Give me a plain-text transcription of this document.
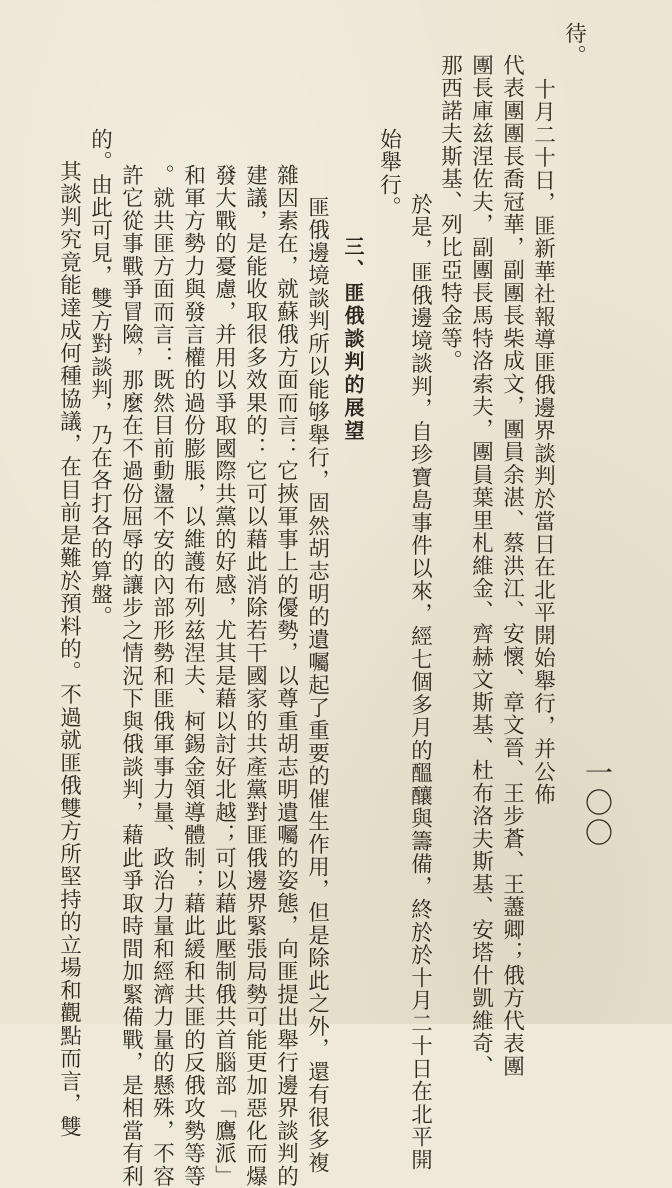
待。
十月二十日，匪新華社報導匪俄邊界談判於當日在北平開始舉行，并公佈
代表團團長喬冠華，副團長柴成文，團員余湛、蔡洪江、安懷、章文晉、王步蒼、王藎卿；俄方代表團
團長庫兹涅佐夫，副團長馬特洛索夫，團員葉里札維金、齊赫文斯基、杜布洛夫斯基、安塔什凱維奇、
那西諾夫斯基、列比亞特金等。
於是，匪俄邊境談判，自珍寶島事件以來，經七個多月的醞釀與籌備，終於於十月二十日在北平開
始舉行。
三、匪俄談判的展望
匪俄邊境談判所以能够舉行，固然胡志明的遺囑起了重要的催生作用，但是除此之外，還有很多複
雜因素在，就蘇俄方面而言：它挾軍事上的優勢，以尊重胡志明遺囑的姿態，向匪提出舉行邊界談判的
建議，是能收取很多效果的：它可以藉此消除若干國家的共產黨對匪俄邊界緊張局勢可能更加惡化而爆
發大戰的憂慮，并用以爭取國際共黨的好感，尤其是藉以討好北越；可以藉此壓制俄共首腦部「鷹派」
和軍方勢力與發言權的過份膨脹，以維護布列兹涅夫、柯錫金領導體制；藉此緩和共匪的反俄攻勢等等
。就共匪方面而言：既然目前動盪不安的內部形勢和匪俄軍事力量、政治力量和經濟力量的懸殊，不容
許它從事戰爭冒險，那麼在不過份屈辱的讓步之情況下與俄談判，藉此爭取時間加緊備戰，是相當有利
的。由此可見，雙方對談判，乃在各打各的算盤。
其談判究竟能達成何種協議，在目前是難於預料的。不過就匪俄雙方所堅持的立場和觀點而言，雙	一〇〇
